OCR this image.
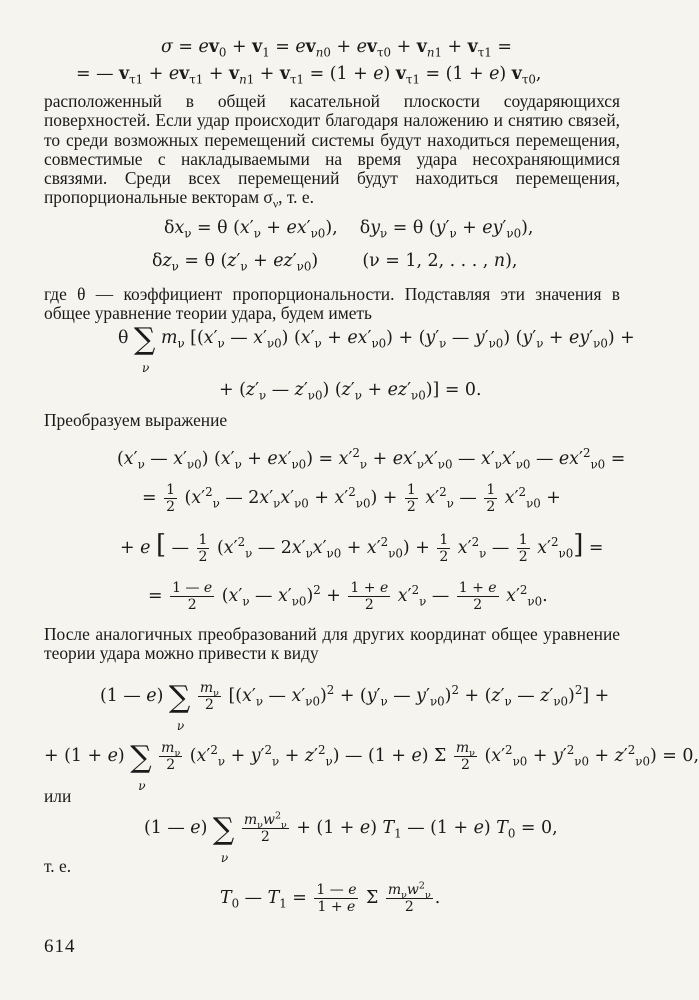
$\sigma = ev_0 + v_1 = ev_{n0} + ev_{\tau 0} + v_{n1} + v_{\tau 1}$ =
= — $v_{\tau 1} + ev_{\tau 1} + v_{n1} + v_{\tau 1} = (1 + e) v_{\tau 1} = (1 + e)$ $v_{\tau 0}$,
расположенный в общей касательной плоскости соударяющихся поверхностей. Если удар происходит благодаря наложению и снятию связей, то среди возможных перемещений системы будут находиться перемещения, совместимые с накладываемыми на время удара несохраняющимися связями. Среди всех перемещений будут находиться перемещения, пропорциональные векторам $\sigma_\nu$, т. е.
$\delta x_\nu = \theta$ $(x'_\nu + ex'_{\nu 0})$,    $\delta y_\nu = \theta$ $(y'_\nu + ey'_{\nu 0})$,
$\delta z_\nu = \theta$ $(z'_\nu + ez'_{\nu 0})$        (ν = 1, 2, . . . , n),
где θ — коэффициент пропорциональности. Подставляя эти значения в общее уравнение теории удара, будем иметь
θ ∑
ν
$m_\nu$ [($x'_\nu$ — $x'_{\nu 0}$) $(x'_\nu + ex'_{\nu 0}) + (y'_\nu$ — $y'_{\nu 0}$) $(y'_\nu + ey'_{\nu 0})$ +
+ ($z'_\nu$ — $z'_{\nu 0}$) $(z'_\nu + ez'_{\nu 0})] = 0$.
Преобразуем выражение
($x'_\nu$ — $x'_{\nu 0}$) $(x'_\nu + ex'_{\nu 0}) = x'^2_\nu + ex'_\nu x'_{\nu 0}$ — $x'_\nu x'_{\nu 0}$ — $ex'^2_{\nu 0}$ =
= $\frac{1}{2} (x'^2_\nu$ — $2x'_\nu x'_{\nu 0} + x'^2_{\nu 0}) + \frac{1}{2} x'^2_\nu$ — $\frac{1}{2} x'^2_{\nu 0}$ +
+ e [ — $\frac{1}{2} (x'^2_\nu$ — $2x'_\nu x'_{\nu 0} + x'^2_{\nu 0}) + \frac{1}{2} x'^2_\nu$ — $\frac{1}{2} x'^2_{\nu 0}$] =
= $\frac{1 — e}{2} (x'_\nu$ — $x'_{\nu 0})^2 + \frac{1 + e}{2} x'^2_\nu$ — $\frac{1 + e}{2} x'^2_{\nu 0}$.
После аналогичных преобразований для других координат общее уравнение теории удара можно привести к виду
(1 — e) ∑
ν

$\frac{m_\nu}{2} [(x'_\nu$ — $x'_{\nu 0})^2 + (y'_\nu$ — $y'_{\nu 0})^2 + (z'_\nu$ — $z'_{\nu 0})^2$] +
+ (1 + e) ∑
ν

$\frac{m_\nu}{2} (x'^2_\nu + y'^2_\nu + z'^2_\nu)$ — (1 + e) Σ $\frac{m_\nu}{2} (x'^2_{\nu 0} + y'^2_{\nu 0} + z'^2_{\nu 0}) = 0$,
или
(1 — e) ∑
ν

$\frac{m_\nu w^2_\nu}{2} + (1 + e)$ $T_1$ — (1 + e) $T_0 = 0$,
т. е.
$T_0$ — $T_1 = \frac{1 — e}{1 + e}$ Σ $\frac{m_\nu w^2_\nu}{2}$ .
614
